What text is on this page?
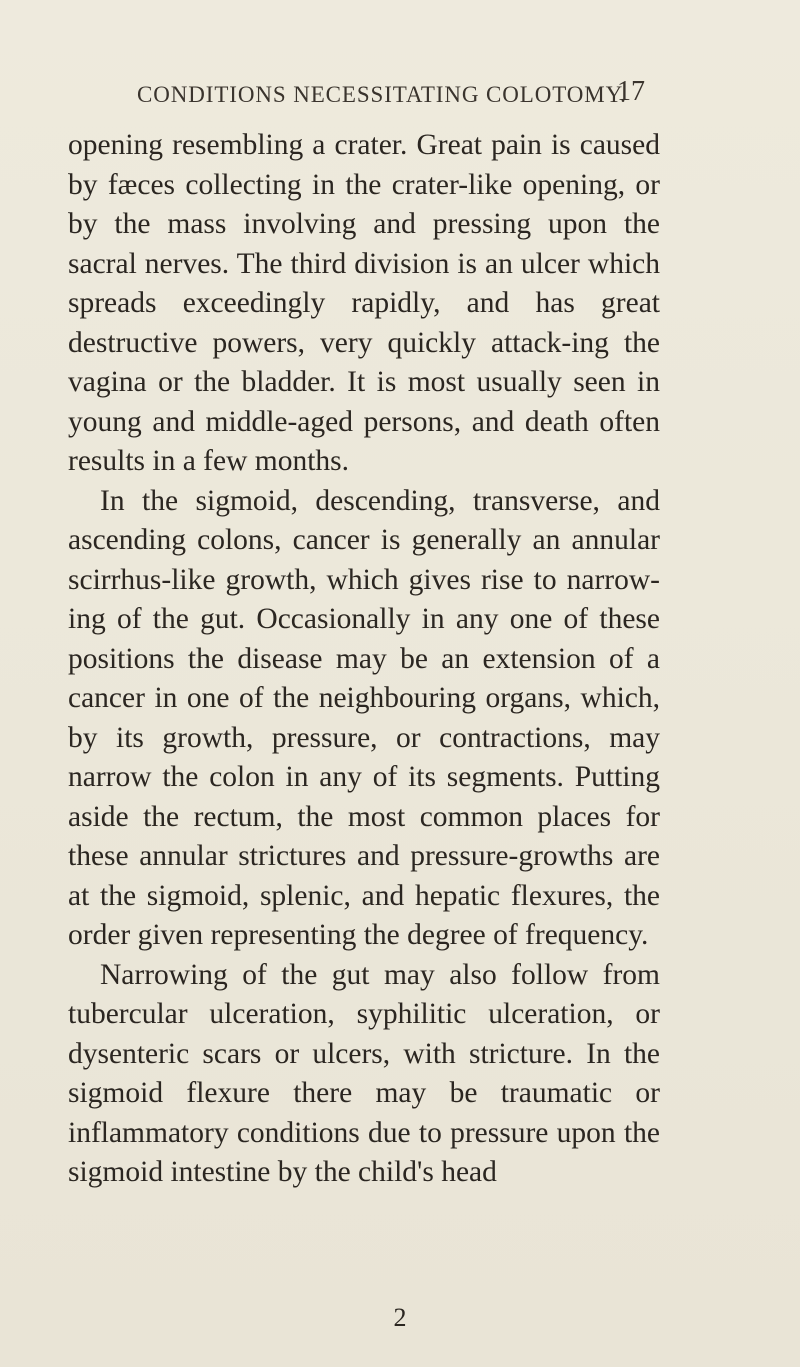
CONDITIONS NECESSITATING COLOTOMY.
17

opening resembling a crater. Great pain is caused by fæces collecting in the crater-like opening, or by the mass involving and pressing upon the sacral nerves. The third division is an ulcer which spreads exceedingly rapidly, and has great destructive powers, very quickly attack-ing the vagina or the bladder. It is most usually seen in young and middle-aged persons, and death often results in a few months.

In the sigmoid, descending, transverse, and ascending colons, cancer is generally an annular scirrhus-like growth, which gives rise to narrow-ing of the gut. Occasionally in any one of these positions the disease may be an extension of a cancer in one of the neighbouring organs, which, by its growth, pressure, or contractions, may narrow the colon in any of its segments. Putting aside the rectum, the most common places for these annular strictures and pressure-growths are at the sigmoid, splenic, and hepatic flexures, the order given representing the degree of frequency.

Narrowing of the gut may also follow from tubercular ulceration, syphilitic ulceration, or dysenteric scars or ulcers, with stricture. In the sigmoid flexure there may be traumatic or inflammatory conditions due to pressure upon the sigmoid intestine by the child's head

2
